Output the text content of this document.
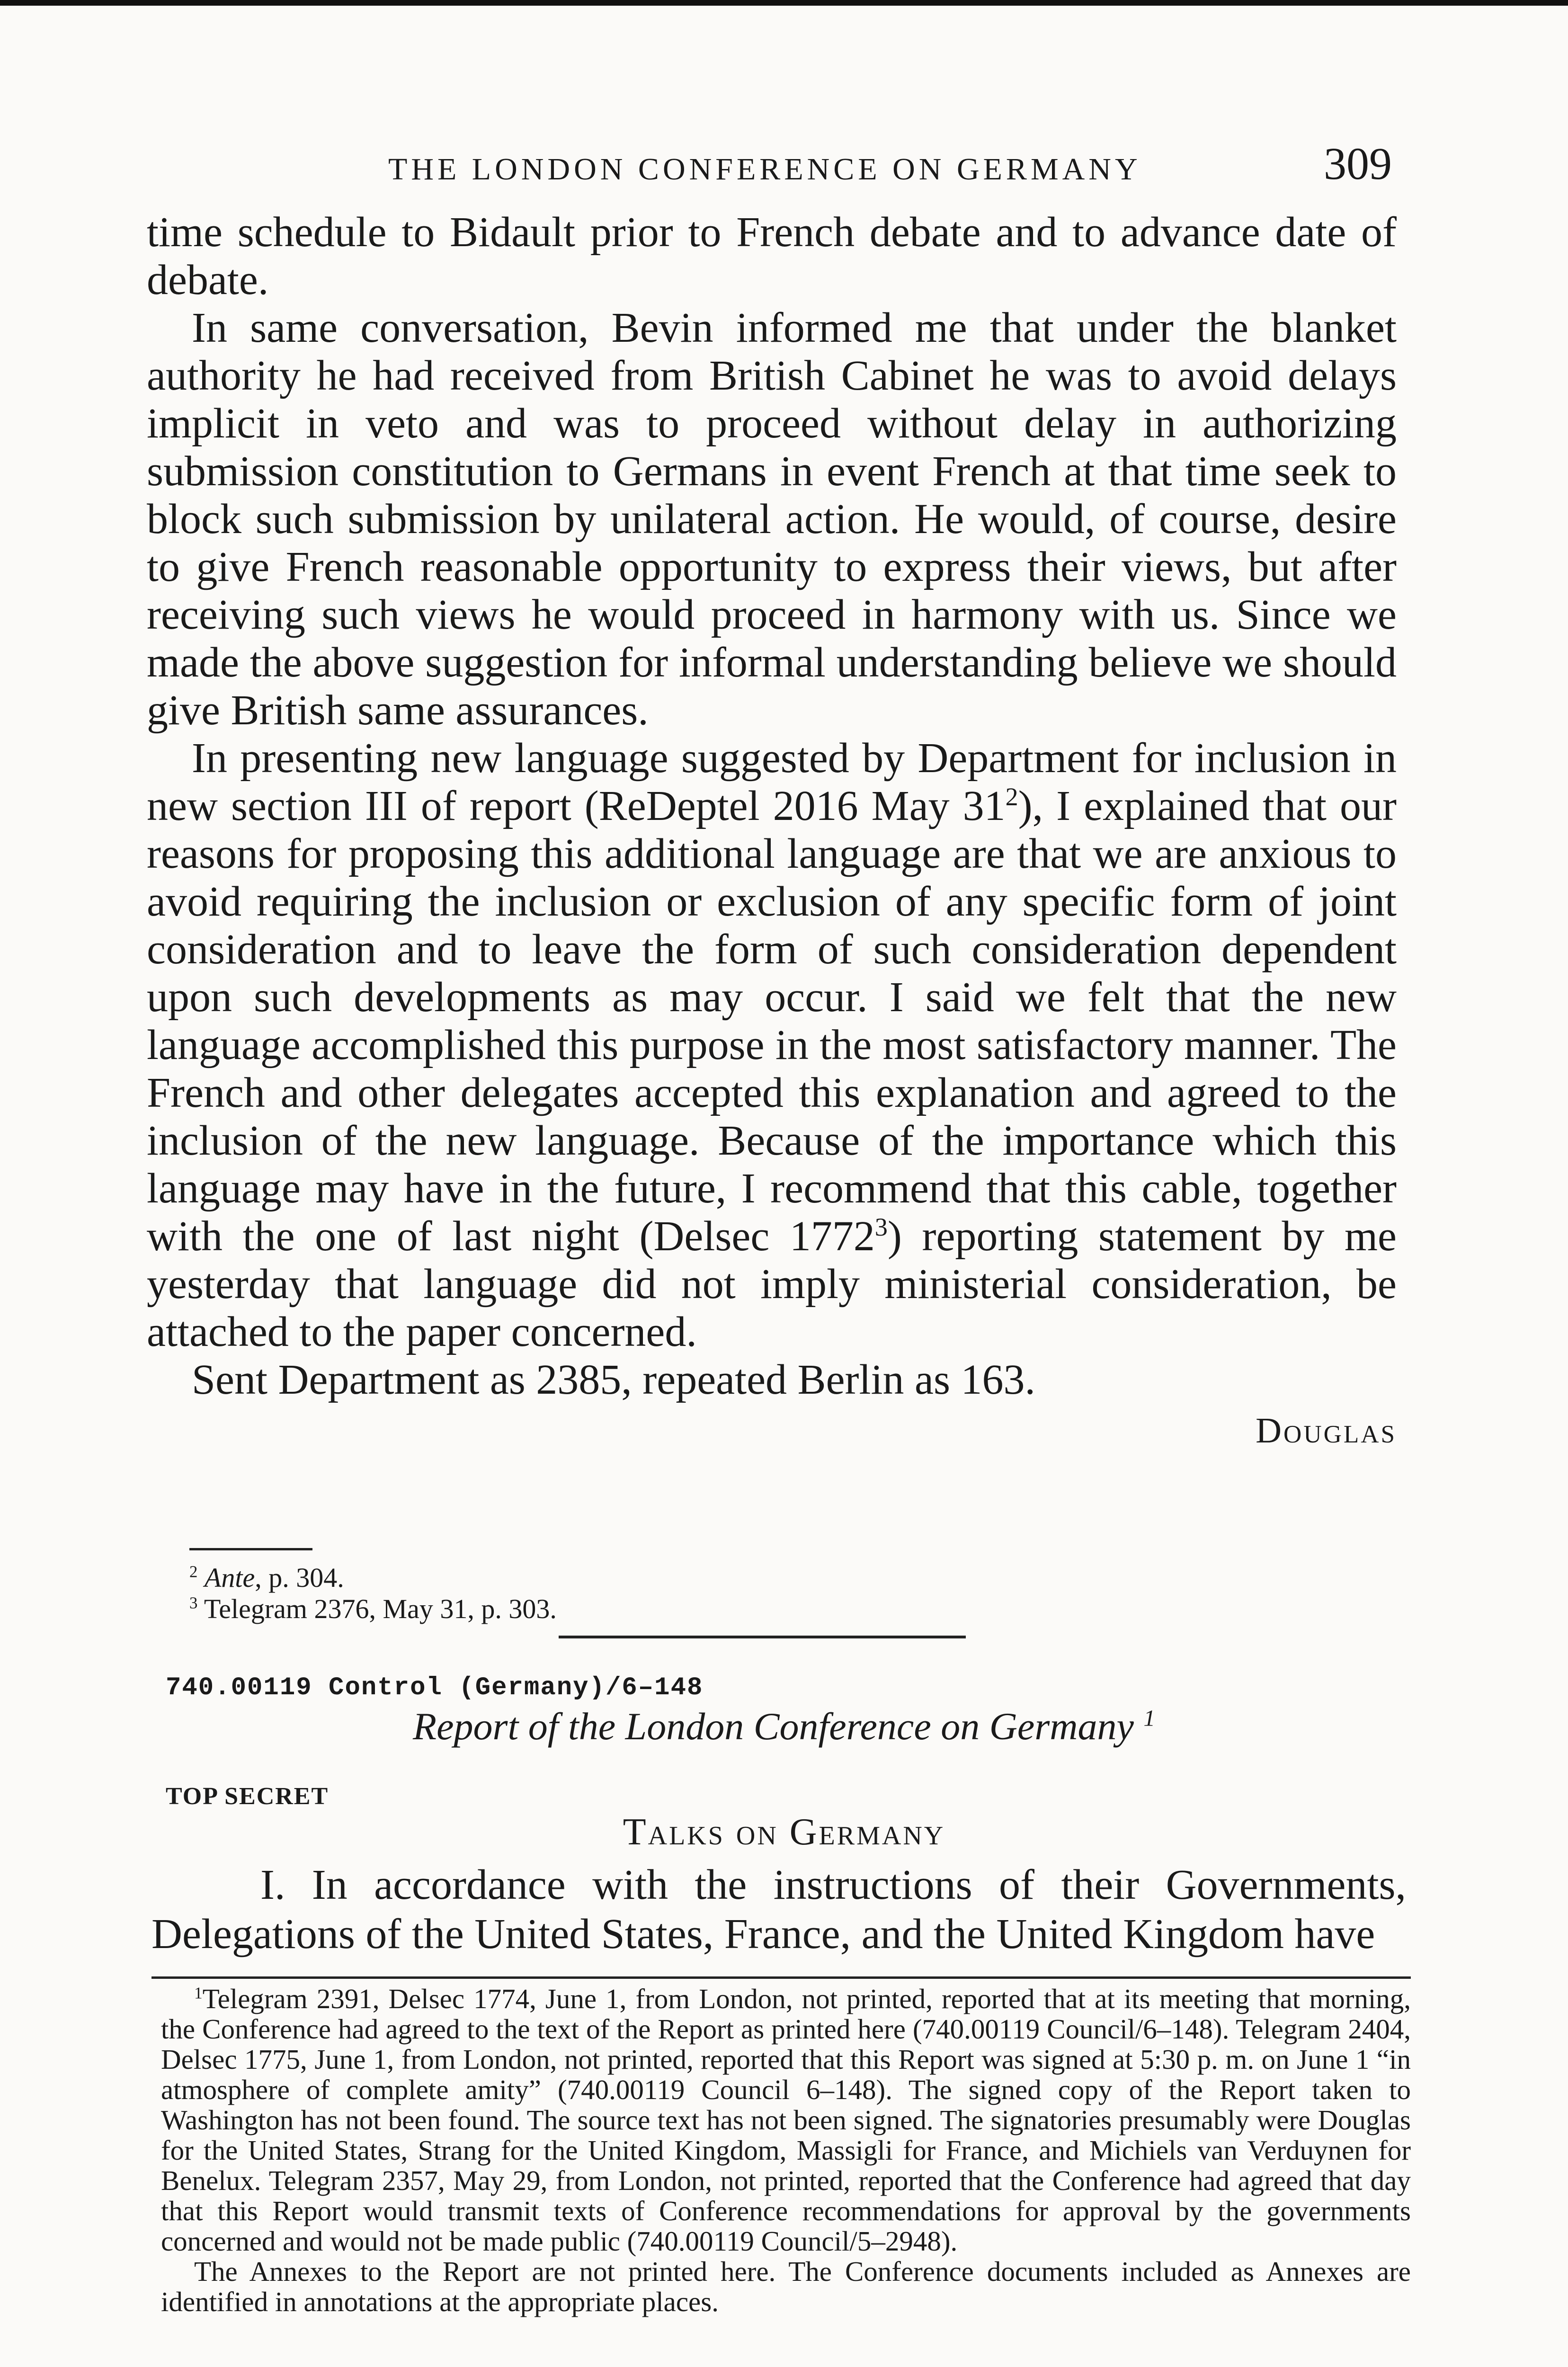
THE LONDON CONFERENCE ON GERMANY	309

time schedule to Bidault prior to French debate and to advance date of debate.

In same conversation, Bevin informed me that under the blanket authority he had received from British Cabinet he was to avoid delays implicit in veto and was to proceed without delay in authorizing submission constitution to Germans in event French at that time seek to block such submission by unilateral action. He would, of course, desire to give French reasonable opportunity to express their views, but after receiving such views he would proceed in harmony with us. Since we made the above suggestion for informal understanding believe we should give British same assurances.

In presenting new language suggested by Department for inclusion in new section III of report (ReDeptel 2016 May $31^2$), I explained that our reasons for proposing this additional language are that we are anxious to avoid requiring the inclusion or exclusion of any specific form of joint consideration and to leave the form of such consideration dependent upon such developments as may occur. I said we felt that the new language accomplished this purpose in the most satisfactory manner. The French and other delegates accepted this explanation and agreed to the inclusion of the new language. Because of the importance which this language may have in the future, I recommend that this cable, together with the one of last night (Delsec 1772$^3$) reporting statement by me yesterday that language did not imply ministerial consideration, be attached to the paper concerned.

Sent Department as 2385, repeated Berlin as 163.

Douglas
$^2$ Ante, p. 304.
$^3$ Telegram 2376, May 31, p. 303.
740.00119 Control (Germany)/6–148
Report of the London Conference on Germany $^1$
TOP SECRET
Talks on Germany

I. In accordance with the instructions of their Governments, Delegations of the United States, France, and the United Kingdom have

$^1$Telegram 2391, Delsec 1774, June 1, from London, not printed, reported that at its meeting that morning, the Conference had agreed to the text of the Report as printed here (740.00119 Council/6–148). Telegram 2404, Delsec 1775, June 1, from London, not printed, reported that this Report was signed at 5:30 p. m. on June 1 “in atmosphere of complete amity” (740.00119 Council 6–148). The signed copy of the Report taken to Washington has not been found. The source text has not been signed. The signatories presumably were Douglas for the United States, Strang for the United Kingdom, Massigli for France, and Michiels van Verduynen for Benelux. Telegram 2357, May 29, from London, not printed, reported that the Conference had agreed that day that this Report would transmit texts of Conference recommendations for approval by the governments concerned and would not be made public (740.00119 Council/5–2948).

The Annexes to the Report are not printed here. The Conference documents included as Annexes are identified in annotations at the appropriate places.
